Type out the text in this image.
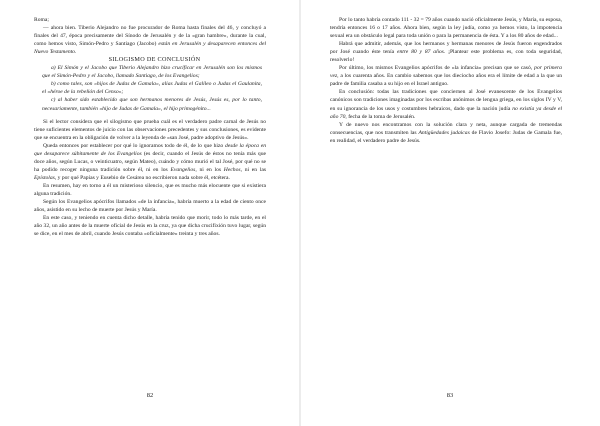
Roma;

— ahora bien. Tiberio Alejandro no fue procurador de Roma hasta finales del 46, y concluyó a finales del 47, época precisamente del Sínodo de Jerusalén y de la «gran hambre», durante la cual, como hemos visto, Simón-Pedro y Santiago (Jacobo) están en Jerusalén y desaparecen entonces del Nuevo Testamento.

SILOGISMO DE CONCLUSIÓN

a) El Simón y el Jacobo que Tiberio Alejandro hizo crucificar en Jerusalén son los mismos que el Simón-Pedro y el Jacobo, llamado Santiago, de los Evangelios;

b) como tales, son «hijos de Judas de Gamala», alias Judas el Galileo o Judas el Gaulanita, el «héroe de la rebelión del Censo»;

c) al haber sido establecido que son hermanos menores de Jesús, Jesús es, por lo tanto, necesariamente, también «hijo de Judas de Gamala», el hijo primogénito...

Si el lector considera que el silogismo que prueba cuál es el verdadero padre carnal de Jesús no tiene suficientes elementos de juicio con las observaciones precedentes y sus conclusiones, es evidente que se encuentra en la obligación de volver a la leyenda de «san José, padre adoptivo de Jesús».

Queda entonces por establecer por qué lo ignoramos todo de él, de lo que hizo desde la época en que desaparece súbitamente de los Evangelios (es decir, cuando el Jesús de éstos no tenía más que doce años, según Lucas, o veinticuatro, según Mateo), cuándo y cómo murió el tal José, por qué no se ha podido recoger ninguna tradición sobre él, ni en los Evangelios, ni en los Hechos, ni en las Epístolas, y por qué Papías y Eusebio de Cesárea no escribieron nada sobre él, etcétera.

En resumen, hay en torno a él un misterioso silencio, que es mucho más elocuente que si existiera alguna tradición.

Según los Evangelios apócrifos llamados «de la infancia», habría muerto a la edad de ciento once años, asistido en su lecho de muerte por Jesús y María.

En este caso, y teniendo en cuenta dicho detalle, habría tenido que morir, todo lo más tarde, en el año 32, un año antes de la muerte oficial de Jesús en la cruz, ya que dicha crucifixión tuvo lugar, según se dice, en el mes de abril, cuando Jesús contaba «oficialmente» treinta y tres años.

82

Por lo tanto habría contado 111 - 32 = 79 años cuando nació oficialmente Jesús, y María, su esposa, tendría entonces 16 o 17 años. Ahora bien, según la ley judía, como ya hemos visto, la impotencia sexual era un obstáculo legal para toda unión o para la permanencia de ésta. Y a los 80 años de edad...

Habrá que admitir, además, que los hermanos y hermanas menores de Jesús fueron engendrados por José cuando éste tenía entre 80 y 87 años. ¡Plantear este problema es, con toda seguridad, resolverlo!

Por último, los mismos Evangelios apócrifos de «la infancia» precisan que se casó, por primera vez, a los cuarenta años. En cambio sabemos que los dieciocho años era el límite de edad a la que un padre de familia casaba a su hijo en el Israel antiguo.

En conclusión: todas las tradiciones que conciernen al José evanescente de los Evangelios canónicos son tradiciones imaginadas por los escribas anónimos de lengua griega, en los siglos IV y V, en su ignorancia de los usos y costumbres hebraicos, dado que la nación judía no existía ya desde el año 70, fecha de la toma de Jerusalén.

Y de nuevo nos encontramos con la solución clara y neta, aunque cargada de tremendas consecuencias, que nos transmiten las Antigüedades judaicas de Flavio Josefo: Judas de Gamala fue, en realidad, el verdadero padre de Jesús.

83
